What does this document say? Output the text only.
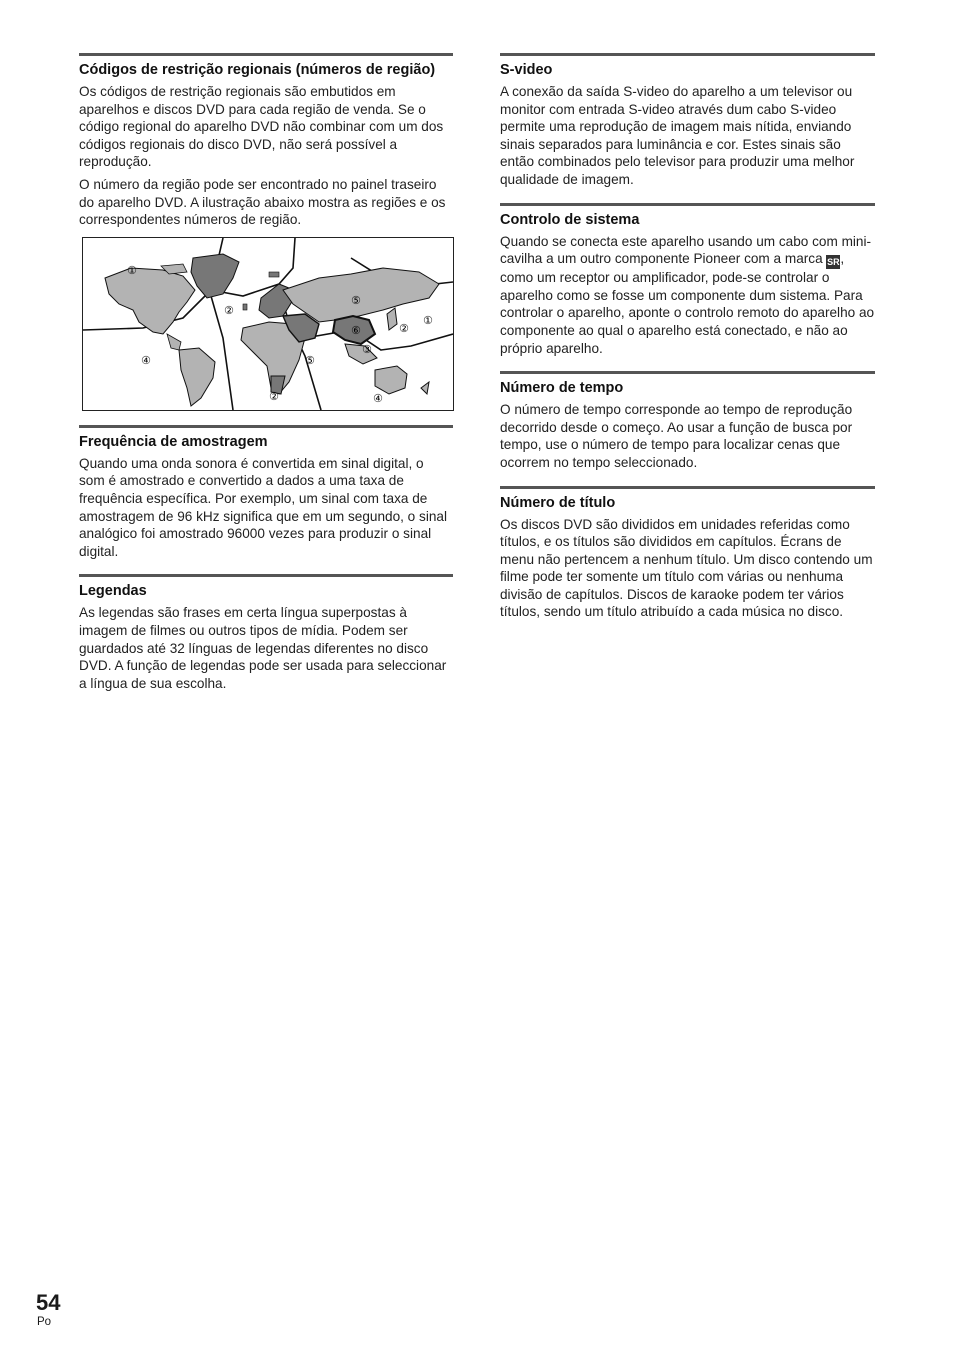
Códigos de restrição regionais (números de região)

Os códigos de restrição regionais são embutidos em aparelhos e discos DVD para cada região de venda. Se o código regional do aparelho DVD não combinar com um dos códigos regionais do disco DVD, não será possível a reprodução.

O número da região pode ser encontrado no painel traseiro do aparelho DVD. A ilustração abaixo mostra as regiões e os correspondentes números de região.

①
②
④
②
⑤
⑥
③
②
①
⑤
④
Frequência de amostragem

Quando uma onda sonora é convertida em sinal digital, o som é amostrado e convertido a dados a uma taxa de frequência específica. Por exemplo, um sinal com taxa de amostragem de 96 kHz significa que em um segundo, o sinal analógico foi amostrado 96000 vezes para produzir o sinal digital.

Legendas

As legendas são frases em certa língua superpostas à imagem de filmes ou outros tipos de mídia. Podem ser guardados até 32 línguas de legendas diferentes no disco DVD. A função de legendas pode ser usada para seleccionar a língua de sua escolha.

S-video

A conexão da saída S-video do aparelho a um televisor ou monitor com entrada S-video através dum cabo S-video permite uma reprodução de imagem mais nítida, enviando sinais separados para luminância e cor. Estes sinais são então combinados pelo televisor para produzir uma melhor qualidade de imagem.

Controlo de sistema

Quando se conecta este aparelho usando um cabo com mini-cavilha a um outro componente Pioneer com a marca SR, como um receptor ou amplificador, pode-se controlar o aparelho como se fosse um componente dum sistema. Para controlar o aparelho, aponte o controlo remoto do aparelho ao componente ao qual o aparelho está conectado, e não ao próprio aparelho.

Número de tempo

O número de tempo corresponde ao tempo de reprodução decorrido desde o começo. Ao usar a função de busca por tempo, use o número de tempo para localizar cenas que ocorrem no tempo seleccionado.

Número de título

Os discos DVD são divididos em unidades referidas como títulos, e os títulos são divididos em capítulos. Écrans de menu não pertencem a nenhum título. Um disco contendo um filme pode ter somente um título com várias ou nenhuma divisão de capítulos. Discos de karaoke podem ter vários títulos, sendo um título atribuído a cada música no disco.

54
Po
